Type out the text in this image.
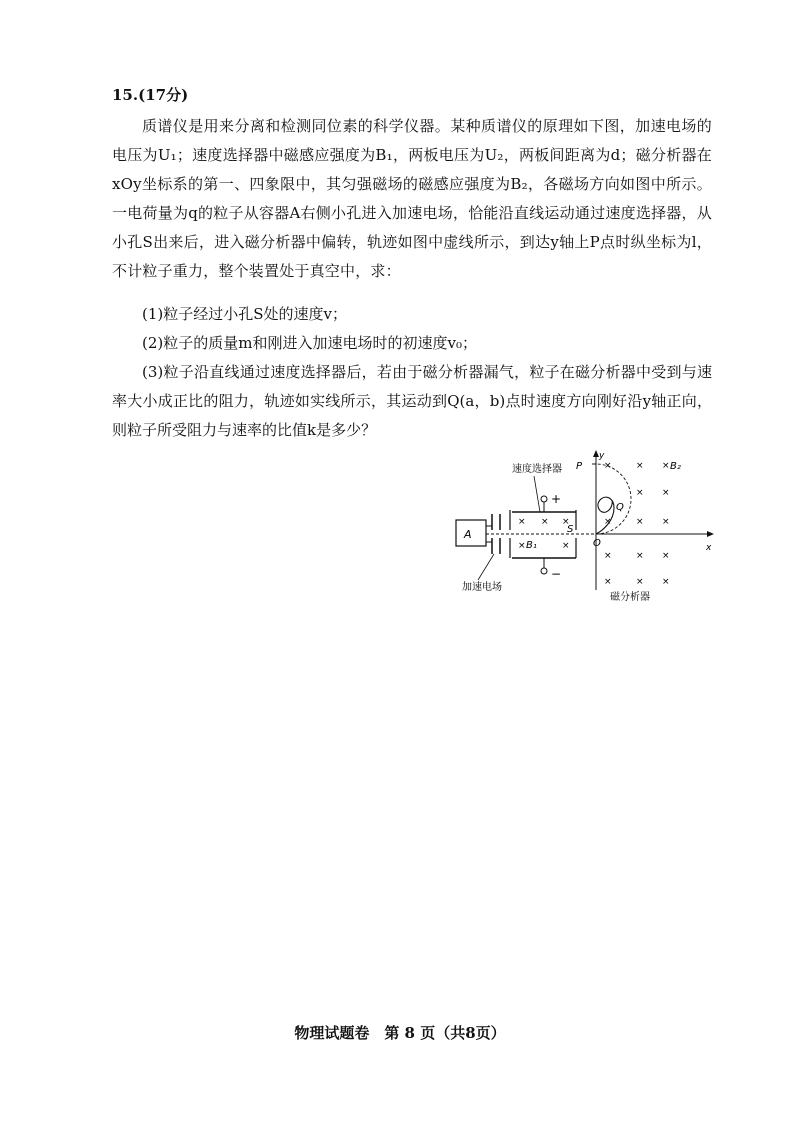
15.(17分)
质谱仪是用来分离和检测同位素的科学仪器。某种质谱仪的原理如下图，加速电场的电压为U₁；速度选择器中磁感应强度为B₁，两板电压为U₂，两板间距离为d；磁分析器在xOy坐标系的第一、四象限中，其匀强磁场的磁感应强度为B₂，各磁场方向如图中所示。一电荷量为q的粒子从容器A右侧小孔进入加速电场，恰能沿直线运动通过速度选择器，从小孔S出来后，进入磁分析器中偏转，轨迹如图中虚线所示，到达y轴上P点时纵坐标为l，不计粒子重力，整个装置处于真空中，求：
(1)粒子经过小孔S处的速度v；
(2)粒子的质量m和刚进入加速电场时的初速度v₀；
(3)粒子沿直线通过速度选择器后，若由于磁分析器漏气，粒子在磁分析器中受到与速率大小成正比的阻力，轨迹如实线所示，其运动到Q(a，b)点时速度方向刚好沿y轴正向，则粒子所受阻力与速率的比值k是多少？
A
+
−
速度选择器
× × ×
× B₁	×
S
y
x
O
P ×	× × B₂
× ×
×	× ×
×	× ×
×	× ×
Q
加速电场
磁分析器
物理试题卷　第 8 页（共8页）
